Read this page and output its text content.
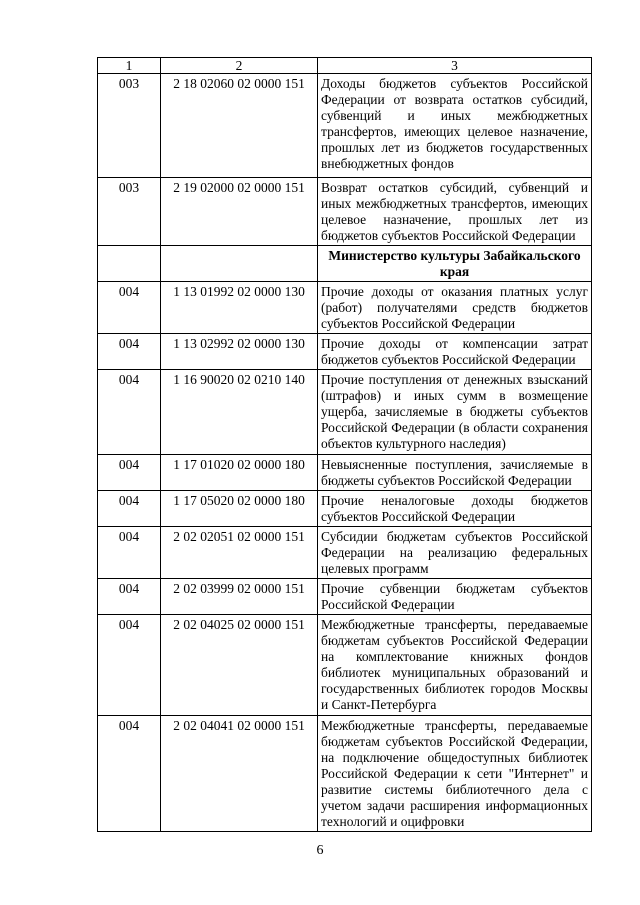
1	2	3
003	2 18 02060 02 0000 151	Доходы бюджетов субъектов Российской Федерации от возврата остатков субсидий, субвенций и иных межбюджетных трансфертов, имеющих целевое назначение, прошлых лет из бюджетов государственных внебюджетных фондов
003	2 19 02000 02 0000 151	Возврат остатков субсидий, субвенций и иных межбюджетных трансфертов, имеющих целевое назначение, прошлых лет из бюджетов субъектов Российской Федерации
		Министерство культуры Забайкальского края
004	1 13 01992 02 0000 130	Прочие доходы от оказания платных услуг (работ) получателями средств бюджетов субъектов Российской Федерации
004	1 13 02992 02 0000 130	Прочие доходы от компенсации затрат бюджетов субъектов Российской Федерации
004	1 16 90020 02 0210 140	Прочие поступления от денежных взысканий (штрафов) и иных сумм в возмещение ущерба, зачисляемые в бюджеты субъектов Российской Федерации (в области сохранения объектов культурного наследия)
004	1 17 01020 02 0000 180	Невыясненные поступления, зачисляемые в бюджеты субъектов Российской Федерации
004	1 17 05020 02 0000 180	Прочие неналоговые доходы бюджетов субъектов Российской Федерации
004	2 02 02051 02 0000 151	Субсидии бюджетам субъектов Российской Федерации на реализацию федеральных целевых программ
004	2 02 03999 02 0000 151	Прочие субвенции бюджетам субъектов Российской Федерации
004	2 02 04025 02 0000 151	Межбюджетные трансферты, передаваемые бюджетам субъектов Российской Федерации на комплектование книжных фондов библиотек муниципальных образований и государственных библиотек городов Москвы и Санкт-Петербурга
004	2 02 04041 02 0000 151	Межбюджетные трансферты, передаваемые бюджетам субъектов Российской Федерации, на подключение общедоступных библиотек Российской Федерации к сети "Интернет" и развитие системы библиотечного дела с учетом задачи расширения информационных технологий и оцифровки
6
